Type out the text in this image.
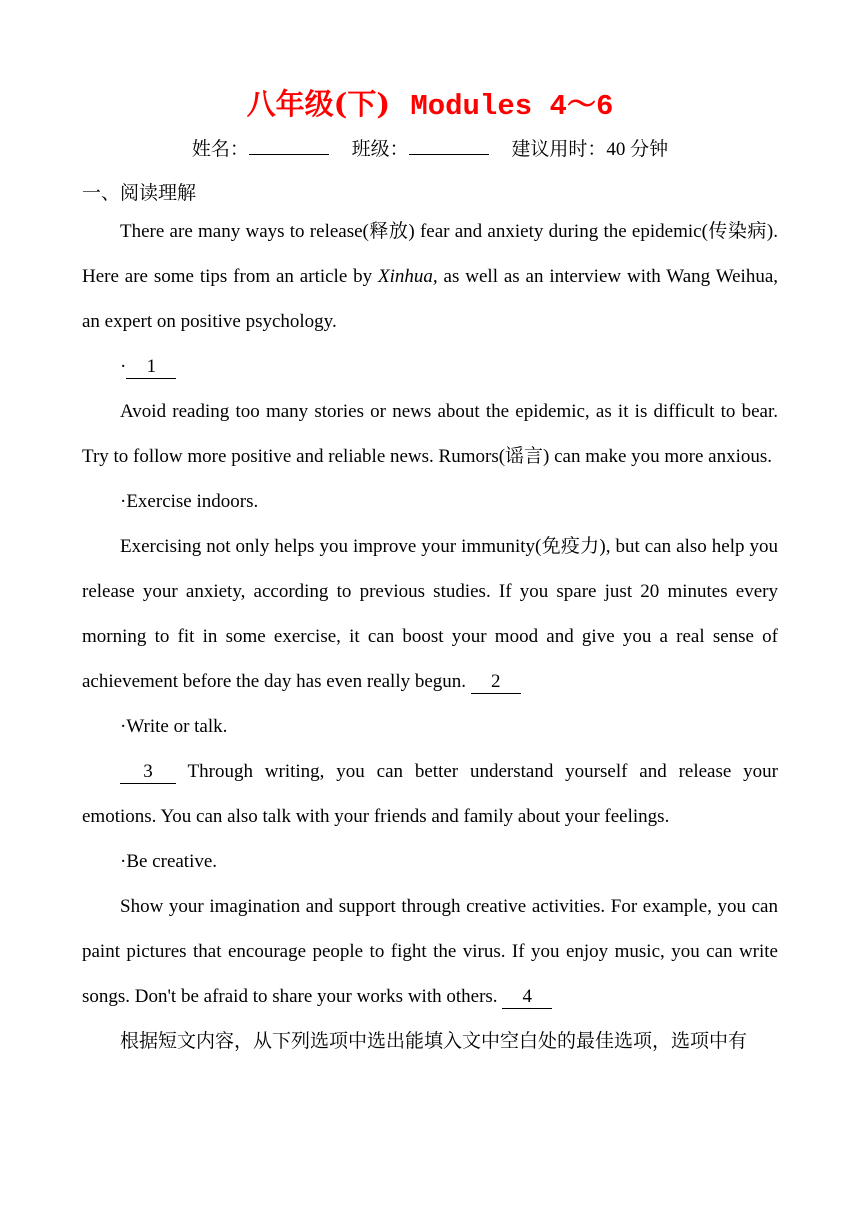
八年级(下) Modules 4～6
姓名：	班级：	建议用时：40 分钟
一、阅读理解

There are many ways to release(释放) fear and anxiety during the epidemic(传染病). Here are some tips from an article by Xinhua, as well as an interview with Wang Weihua, an expert on positive psychology.

· 1

Avoid reading too many stories or news about the epidemic, as it is difficult to bear. Try to follow more positive and reliable news. Rumors(谣言) can make you more anxious.

·Exercise indoors.

Exercising not only helps you improve your immunity(免疫力), but can also help you release your anxiety, according to previous studies. If you spare just 20 minutes every morning to fit in some exercise, it can boost your mood and give you a real sense of achievement before the day has even really begun. 2

·Write or talk.

3 Through writing, you can better understand yourself and release your emotions. You can also talk with your friends and family about your feelings.

·Be creative.

Show your imagination and support through creative activities. For example, you can paint pictures that encourage people to fight the virus. If you enjoy music, you can write songs. Don't be afraid to share your works with others. 4

根据短文内容，从下列选项中选出能填入文中空白处的最佳选项，选项中有
